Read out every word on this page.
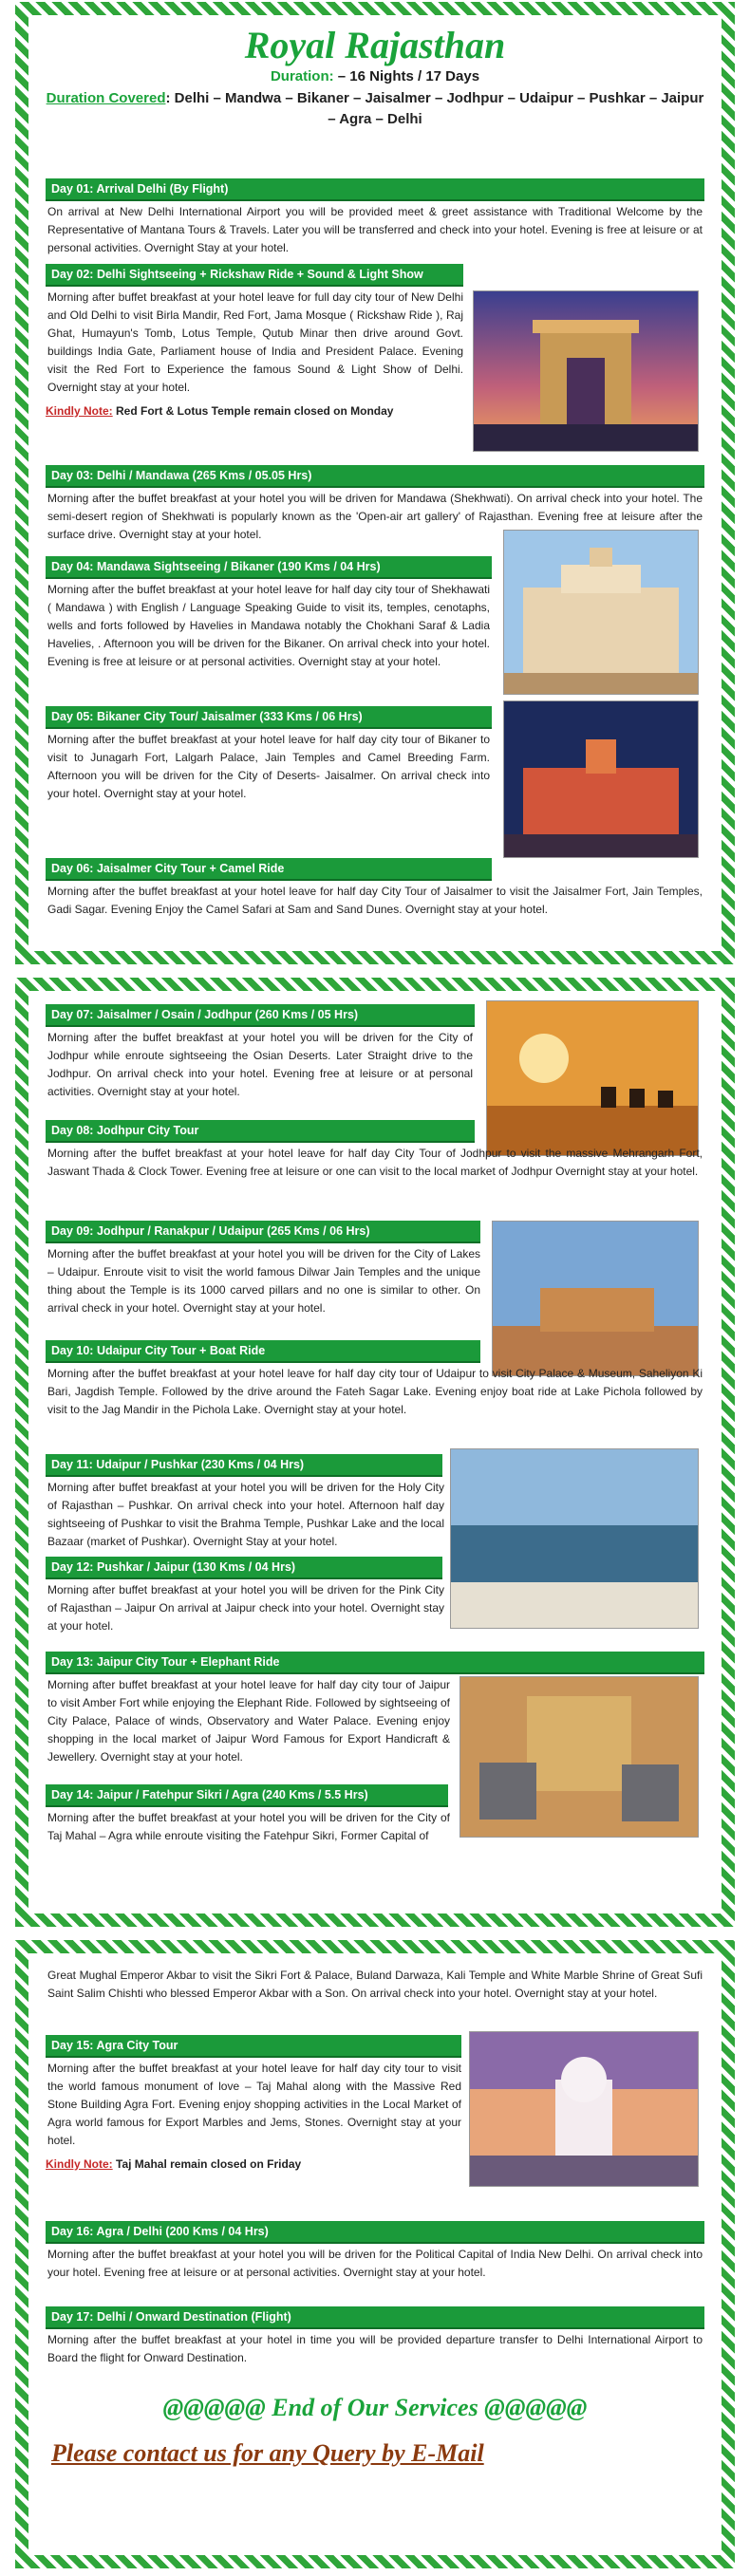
Royal Rajasthan
Duration: – 16 Nights / 17 Days
Duration Covered: Delhi – Mandwa – Bikaner – Jaisalmer – Jodhpur – Udaipur – Pushkar – Jaipur – Agra – Delhi
Day 01: Arrival Delhi (By Flight)
On arrival at New Delhi International Airport you will be provided meet & greet assistance with Traditional Welcome by the Representative of Mantana Tours & Travels. Later you will be transferred and check into your hotel. Evening is free at leisure or at personal activities. Overnight Stay at your hotel.
Day 02: Delhi Sightseeing + Rickshaw Ride + Sound & Light Show
Morning after buffet breakfast at your hotel leave for full day city tour of New Delhi and Old Delhi to visit Birla Mandir, Red Fort, Jama Mosque ( Rickshaw Ride ), Raj Ghat, Humayun's Tomb, Lotus Temple, Qutub Minar then drive around Govt. buildings India Gate, Parliament house of India and President Palace. Evening visit the Red Fort to Experience the famous Sound & Light Show of Delhi. Overnight stay at your hotel.
Kindly Note: Red Fort & Lotus Temple remain closed on Monday
Day 03: Delhi / Mandawa (265 Kms / 05.05 Hrs)
Morning after the buffet breakfast at your hotel you will be driven for Mandawa (Shekhwati). On arrival check into your hotel. The semi-desert region of Shekhwati is popularly known as the 'Open-air art gallery' of Rajasthan. Evening free at leisure after the surface drive. Overnight stay at your hotel.
Day 04: Mandawa Sightseeing / Bikaner (190 Kms / 04 Hrs)
Morning after the buffet breakfast at your hotel leave for half day city tour of Shekhawati ( Mandawa ) with English / Language Speaking Guide to visit its, temples, cenotaphs, wells and forts followed by Havelies in Mandawa notably the Chokhani Saraf & Ladia Havelies, . Afternoon you will be driven for the Bikaner. On arrival check into your hotel. Evening is free at leisure or at personal activities. Overnight stay at your hotel.
Day 05: Bikaner City Tour/ Jaisalmer (333 Kms / 06 Hrs)
Morning after the buffet breakfast at your hotel leave for half day city tour of Bikaner to visit to Junagarh Fort, Lalgarh Palace, Jain Temples and Camel Breeding Farm. Afternoon you will be driven for the City of Deserts- Jaisalmer. On arrival check into your hotel. Overnight stay at your hotel.
Day 06: Jaisalmer City Tour + Camel Ride
Morning after the buffet breakfast at your hotel leave for half day City Tour of Jaisalmer to visit the Jaisalmer Fort, Jain Temples, Gadi Sagar. Evening Enjoy the Camel Safari at Sam and Sand Dunes. Overnight stay at your hotel.
Day 07: Jaisalmer / Osain / Jodhpur (260 Kms / 05 Hrs)
Morning after the buffet breakfast at your hotel you will be driven for the City of Jodhpur while enroute sightseeing the Osian Deserts. Later Straight drive to the Jodhpur. On arrival check into your hotel. Evening free at leisure or at personal activities. Overnight stay at your hotel.
Day 08: Jodhpur City Tour
Morning after the buffet breakfast at your hotel leave for half day City Tour of Jodhpur to visit the massive Mehrangarh Fort, Jaswant Thada & Clock Tower. Evening free at leisure or one can visit to the local market of Jodhpur Overnight stay at your hotel.
Day 09: Jodhpur / Ranakpur / Udaipur (265 Kms / 06 Hrs)
Morning after the buffet breakfast at your hotel you will be driven for the City of Lakes – Udaipur. Enroute visit to visit the world famous Dilwar Jain Temples and the unique thing about the Temple is its 1000 carved pillars and no one is similar to other. On arrival check in your hotel. Overnight stay at your hotel.
Day 10: Udaipur City Tour + Boat Ride
Morning after the buffet breakfast at your hotel leave for half day city tour of Udaipur to visit City Palace & Museum, Saheliyon Ki Bari, Jagdish Temple. Followed by the drive around the Fateh Sagar Lake. Evening enjoy boat ride at Lake Pichola followed by visit to the Jag Mandir in the Pichola Lake. Overnight stay at your hotel.
Day 11: Udaipur / Pushkar (230 Kms / 04 Hrs)
Morning after buffet breakfast at your hotel you will be driven for the Holy City of Rajasthan – Pushkar. On arrival check into your hotel. Afternoon half day sightseeing of Pushkar to visit the Brahma Temple, Pushkar Lake and the local Bazaar (market of Pushkar). Overnight Stay at your hotel.
Day 12: Pushkar / Jaipur (130 Kms / 04 Hrs)
Morning after buffet breakfast at your hotel you will be driven for the Pink City of Rajasthan – Jaipur On arrival at Jaipur check into your hotel. Overnight stay at your hotel.
Day 13: Jaipur City Tour + Elephant Ride
Morning after buffet breakfast at your hotel leave for half day city tour of Jaipur to visit Amber Fort while enjoying the Elephant Ride. Followed by sightseeing of City Palace, Palace of winds, Observatory and Water Palace. Evening enjoy shopping in the local market of Jaipur Word Famous for Export Handicraft & Jewellery. Overnight stay at your hotel.
Day 14: Jaipur / Fatehpur Sikri / Agra (240 Kms / 5.5 Hrs)
Morning after the buffet breakfast at your hotel you will be driven for the City of Taj Mahal – Agra while enroute visiting the Fatehpur Sikri, Former Capital of
Great Mughal Emperor Akbar to visit the Sikri Fort & Palace, Buland Darwaza, Kali Temple and White Marble Shrine of Great Sufi Saint Salim Chishti who blessed Emperor Akbar with a Son. On arrival check into your hotel. Overnight stay at your hotel.
Day 15: Agra City Tour
Morning after the buffet breakfast at your hotel leave for half day city tour to visit the world famous monument of love – Taj Mahal along with the Massive Red Stone Building Agra Fort. Evening enjoy shopping activities in the Local Market of Agra world famous for Export Marbles and Jems, Stones. Overnight stay at your hotel.
Kindly Note: Taj Mahal remain closed on Friday
Day 16: Agra / Delhi (200 Kms / 04 Hrs)
Morning after the buffet breakfast at your hotel you will be driven for the Political Capital of India New Delhi. On arrival check into your hotel. Evening free at leisure or at personal activities. Overnight stay at your hotel.
Day 17: Delhi / Onward Destination (Flight)
Morning after the buffet breakfast at your hotel in time you will be provided departure transfer to Delhi International Airport to Board the flight for Onward Destination.
@@@@@ End of Our Services @@@@@
Please contact us for any Query by E-Mail
